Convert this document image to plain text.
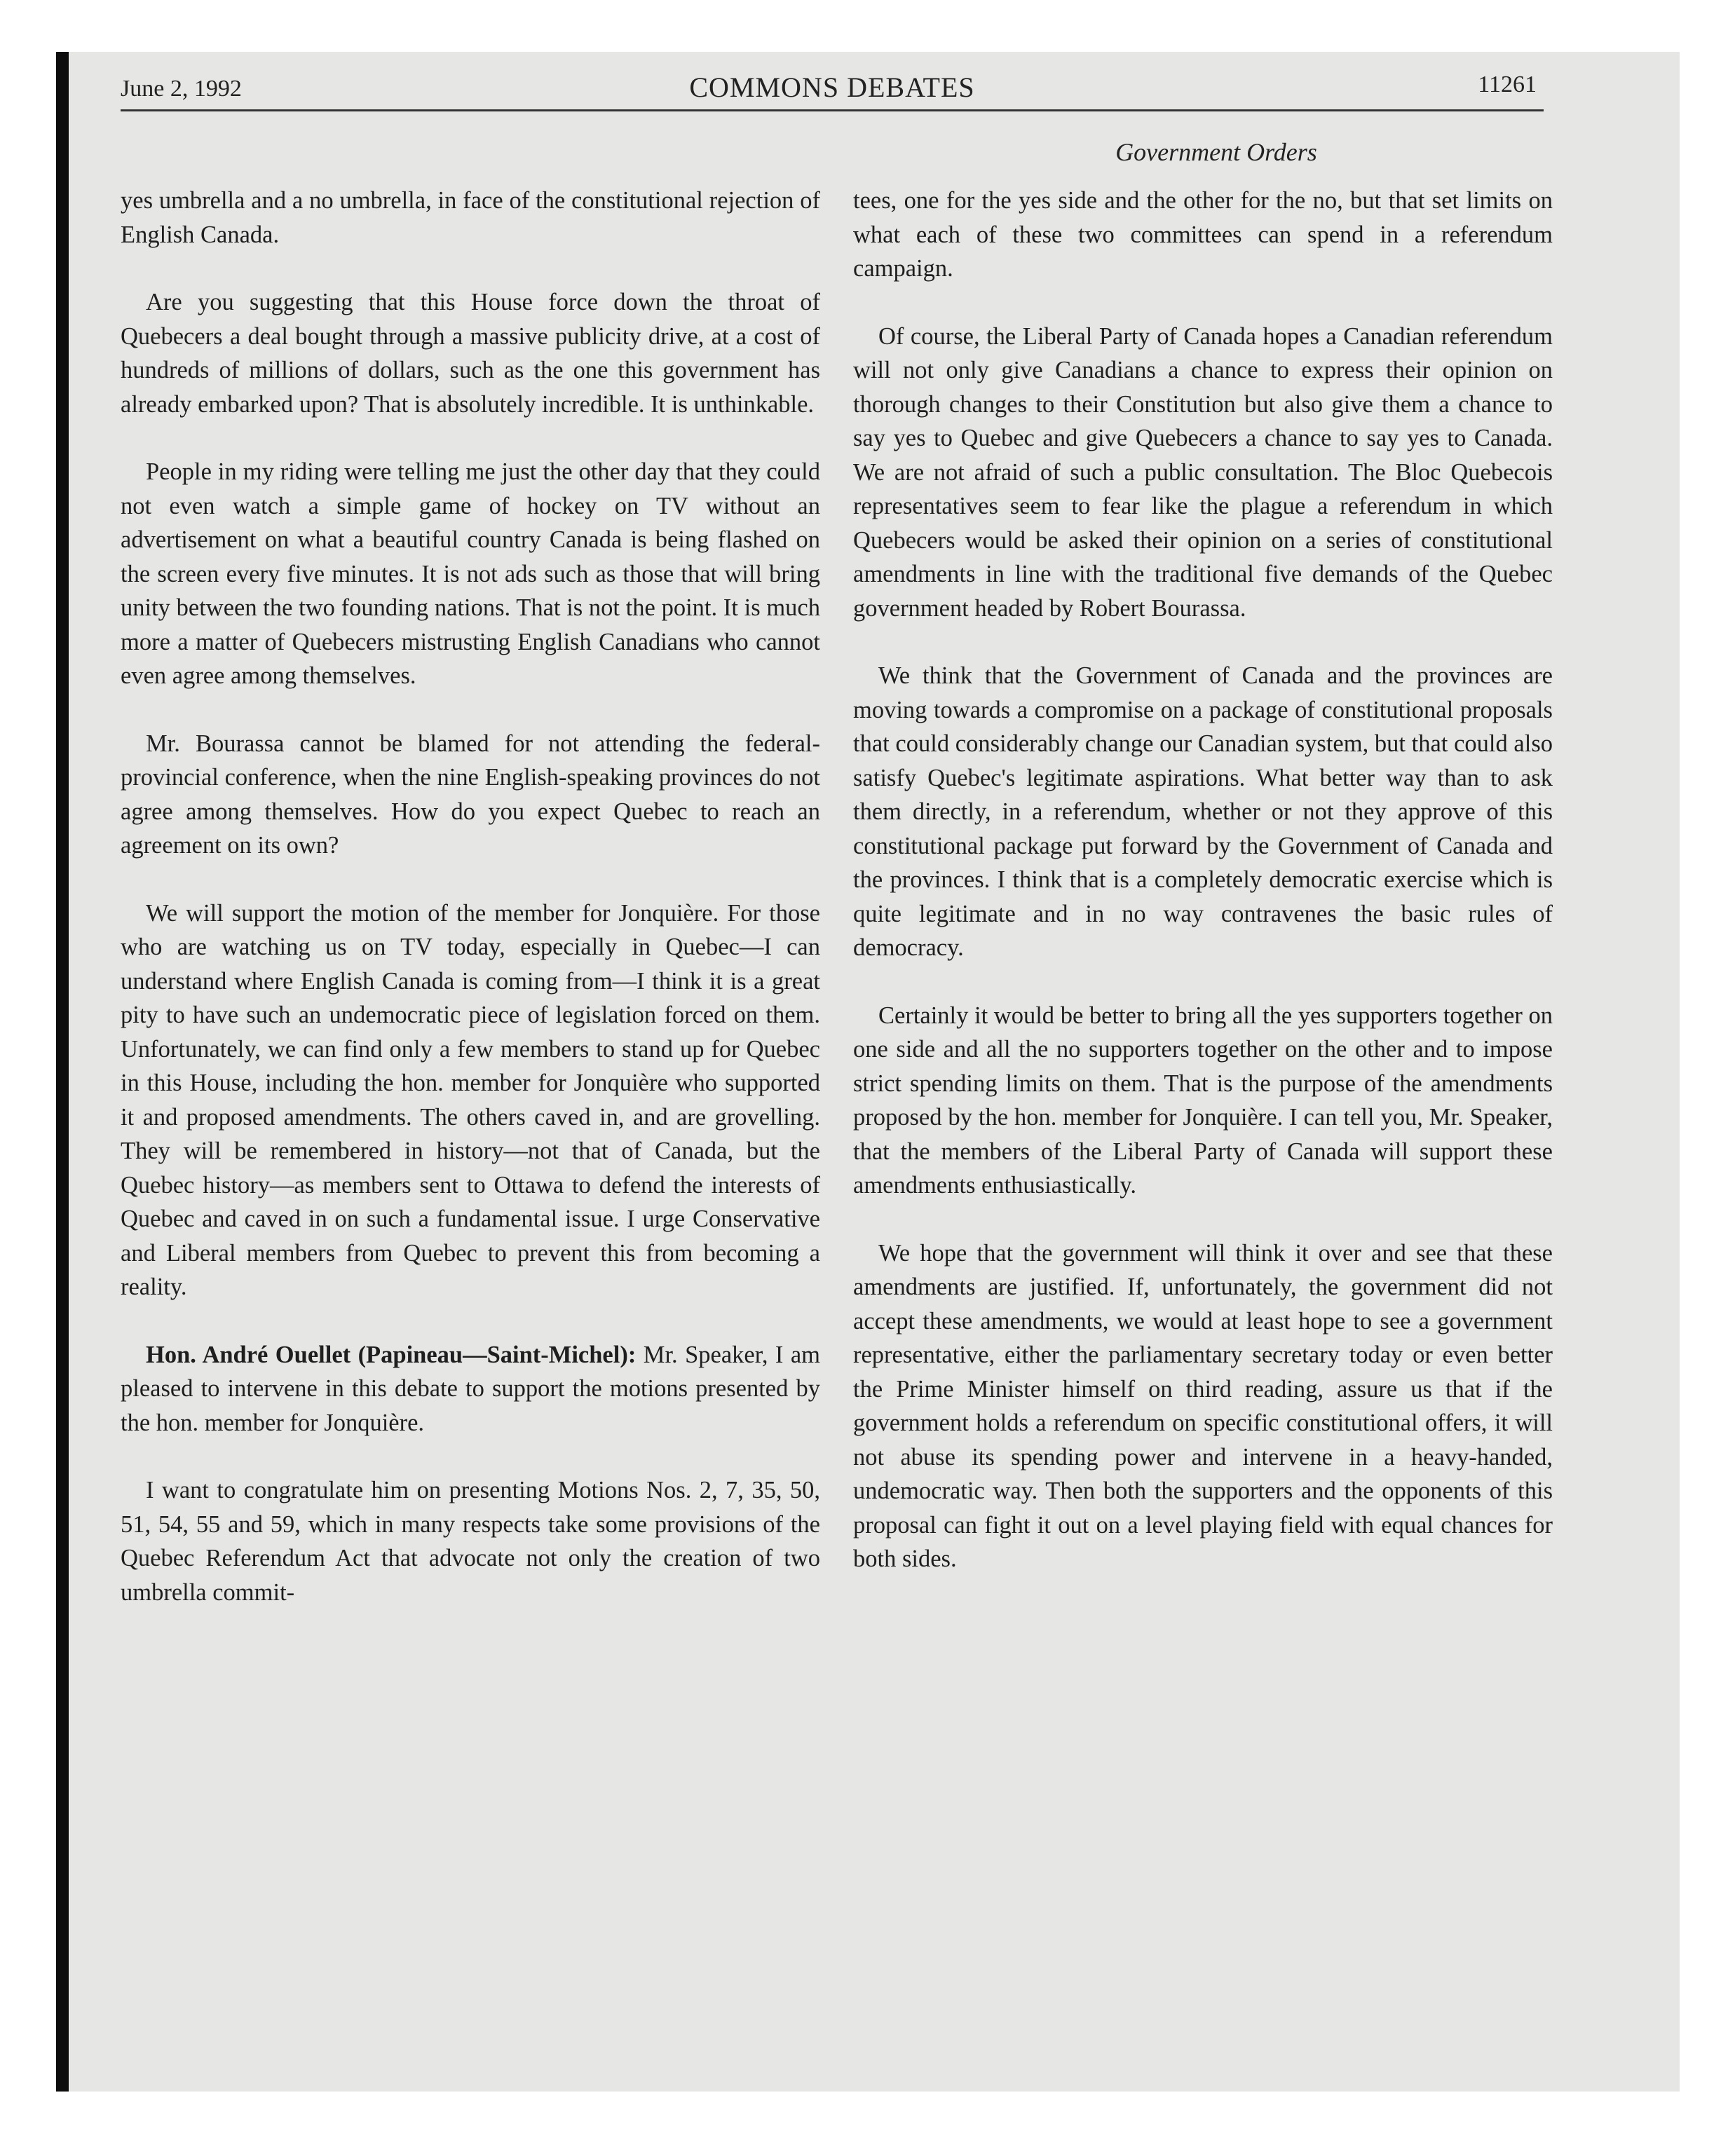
June 2, 1992	COMMONS DEBATES	11261
Government Orders

yes umbrella and a no umbrella, in face of the constitutional rejection of English Canada.

Are you suggesting that this House force down the throat of Quebecers a deal bought through a massive publicity drive, at a cost of hundreds of millions of dollars, such as the one this government has already embarked upon? That is absolutely incredible. It is unthinkable.

People in my riding were telling me just the other day that they could not even watch a simple game of hockey on TV without an advertisement on what a beautiful country Canada is being flashed on the screen every five minutes. It is not ads such as those that will bring unity between the two founding nations. That is not the point. It is much more a matter of Quebecers mistrusting English Canadians who cannot even agree among themselves.

Mr. Bourassa cannot be blamed for not attending the federal-provincial conference, when the nine English-speaking provinces do not agree among themselves. How do you expect Quebec to reach an agreement on its own?

We will support the motion of the member for Jonquière. For those who are watching us on TV today, especially in Quebec—I can understand where English Canada is coming from—I think it is a great pity to have such an undemocratic piece of legislation forced on them. Unfortunately, we can find only a few members to stand up for Quebec in this House, including the hon. member for Jonquière who supported it and proposed amendments. The others caved in, and are grovelling. They will be remembered in history—not that of Canada, but the Quebec history—as members sent to Ottawa to defend the interests of Quebec and caved in on such a fundamental issue. I urge Conservative and Liberal members from Quebec to prevent this from becoming a reality.

Hon. André Ouellet (Papineau—Saint-Michel): Mr. Speaker, I am pleased to intervene in this debate to support the motions presented by the hon. member for Jonquière.

I want to congratulate him on presenting Motions Nos. 2, 7, 35, 50, 51, 54, 55 and 59, which in many respects take some provisions of the Quebec Referendum Act that advocate not only the creation of two umbrella commit-

tees, one for the yes side and the other for the no, but that set limits on what each of these two committees can spend in a referendum campaign.

Of course, the Liberal Party of Canada hopes a Canadian referendum will not only give Canadians a chance to express their opinion on thorough changes to their Constitution but also give them a chance to say yes to Quebec and give Quebecers a chance to say yes to Canada. We are not afraid of such a public consultation. The Bloc Quebecois representatives seem to fear like the plague a referendum in which Quebecers would be asked their opinion on a series of constitutional amendments in line with the traditional five demands of the Quebec government headed by Robert Bourassa.

We think that the Government of Canada and the provinces are moving towards a compromise on a package of constitutional proposals that could considerably change our Canadian system, but that could also satisfy Quebec's legitimate aspirations. What better way than to ask them directly, in a referendum, whether or not they approve of this constitutional package put forward by the Government of Canada and the provinces. I think that is a completely democratic exercise which is quite legitimate and in no way contravenes the basic rules of democracy.

Certainly it would be better to bring all the yes supporters together on one side and all the no supporters together on the other and to impose strict spending limits on them. That is the purpose of the amendments proposed by the hon. member for Jonquière. I can tell you, Mr. Speaker, that the members of the Liberal Party of Canada will support these amendments enthusiastically.

We hope that the government will think it over and see that these amendments are justified. If, unfortunately, the government did not accept these amendments, we would at least hope to see a government representative, either the parliamentary secretary today or even better the Prime Minister himself on third reading, assure us that if the government holds a referendum on specific constitutional offers, it will not abuse its spending power and intervene in a heavy-handed, undemocratic way. Then both the supporters and the opponents of this proposal can fight it out on a level playing field with equal chances for both sides.
